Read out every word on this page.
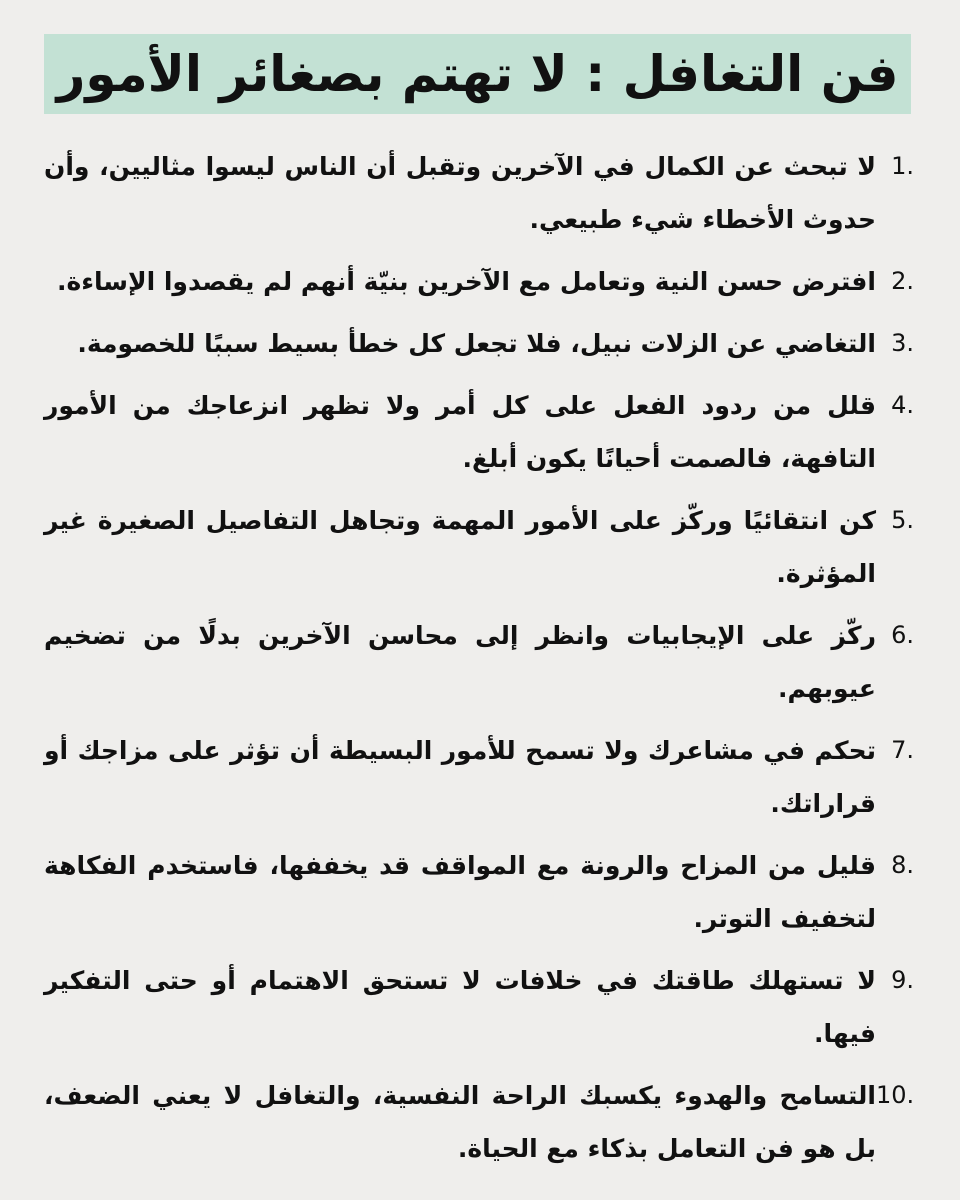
فن التغافل : لا تهتم بصغائر الأمور
1.
لا تبحث عن الكمال في الآخرين وتقبل أن الناس ليسوا مثاليين، وأن حدوث الأخطاء شيء طبيعي.
2.
افترض حسن النية وتعامل مع الآخرين بنيّة أنهم لم يقصدوا الإساءة.
3.
التغاضي عن الزلات نبيل، فلا تجعل كل خطأ بسيط سببًا للخصومة.
4.
قلل من ردود الفعل على كل أمر ولا تظهر انزعاجك من الأمور التافهة، فالصمت أحيانًا يكون أبلغ.
5.
كن انتقائيًا وركّز على الأمور المهمة وتجاهل التفاصيل الصغيرة غير المؤثرة.
6.
ركّز على الإيجابيات وانظر إلى محاسن الآخرين بدلًا من تضخيم عيوبهم.
7.
تحكم في مشاعرك ولا تسمح للأمور البسيطة أن تؤثر على مزاجك أو قراراتك.
8.
قليل من المزاح والرونة مع المواقف قد يخففها، فاستخدم الفكاهة لتخفيف التوتر.
9.
لا تستهلك طاقتك في خلافات لا تستحق الاهتمام أو حتى التفكير فيها.
10.
التسامح والهدوء يكسبك الراحة النفسية، والتغافل لا يعني الضعف، بل هو فن التعامل بذكاء مع الحياة.
